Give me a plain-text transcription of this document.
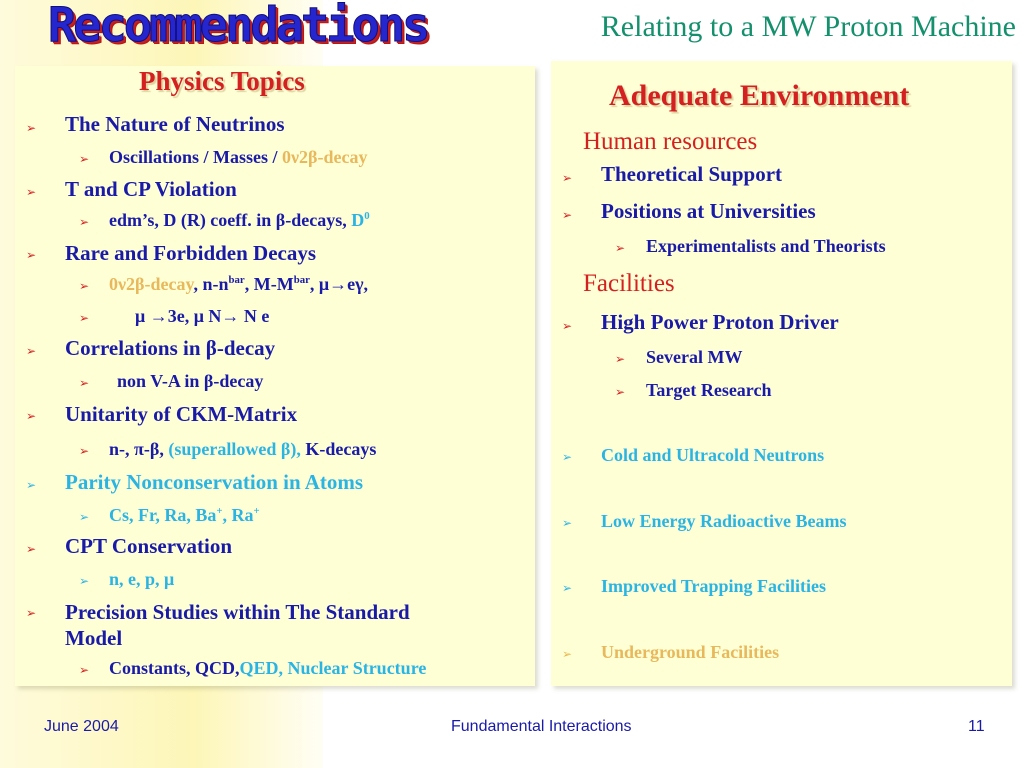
Recommendations	Relating to a MW Proton Machine
Physics Topics
➢ The Nature of Neutrinos
➢ Oscillations / Masses / 0ν2β-decay
➢ T and CP Violation
➢ edm’s, D (R) coeff. in β-decays, $D^0$
➢ Rare and Forbidden Decays
➢ 0ν2β-decay, $n-n^{bar}$, $M-M^{bar}$, μ→eγ,
➢	μ →3e, μ N→ N e
➢ Correlations in β-decay
➢ non V-A in β-decay
➢ Unitarity of CKM-Matrix
➢ n-, π-β, (superallowed β), K-decays
➢ Parity Nonconservation in Atoms
➢ Cs, Fr, Ra, Ba+, Ra+
➢ CPT Conservation
➢ n, e, p, μ
➢ Precision Studies within The Standard
Model
➢ Constants, QCD,QED, Nuclear Structure
Adequate Environment
Human resources
➢ Theoretical Support
➢ Positions at Universities
➢ Experimentalists and Theorists
Facilities
➢ High Power Proton Driver
➢ Several MW
➢ Target Research
➢ Cold and Ultracold Neutrons
➢ Low Energy Radioactive Beams
➢ Improved Trapping Facilities
➢ Underground Facilities
June 2004	Fundamental Interactions	11
